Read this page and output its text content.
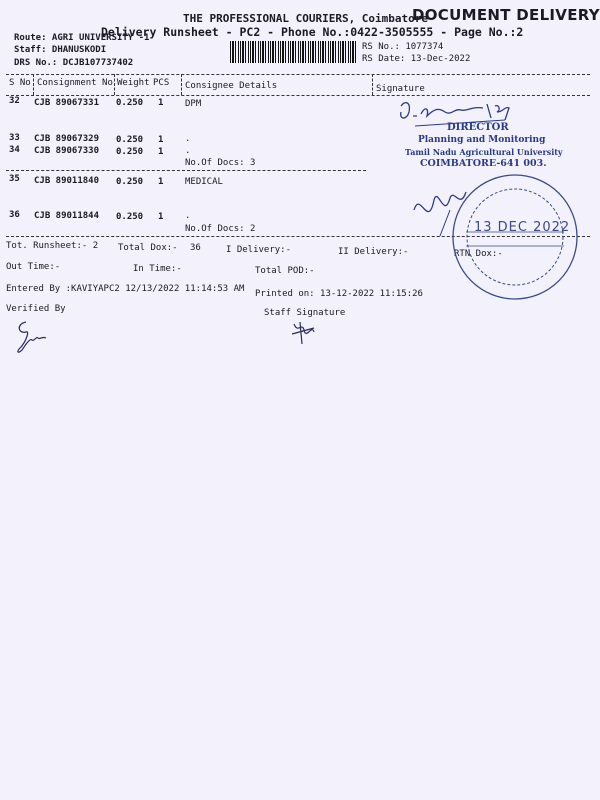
THE PROFESSIONAL COURIERS, Coimbatore
DOCUMENT DELIVERY
Delivery Runsheet - PC2 - Phone No.:0422-3505555 - Page No.:2
Route: AGRI UNIVERSITY -1
Staff: DHANUSKODI
DRS No.: DCJB107737402
RS No.: 1077374
RS Date: 13-Dec-2022
S No Consignment No Weight PCS Consignee Details	Signature
32 CJB 89067331 0.250 1 DPM
33 CJB 89067329 0.250 1 .
34 CJB 89067330 0.250 1 .
No.Of Docs: 3
35 CJB 89011840 0.250 1 MEDICAL
36 CJB 89011844 0.250 1 .
No.Of Docs: 2
Tot. Runsheet:- 2 Total Dox:- 36	I Delivery:-	II Delivery:-	RTN Dox:-
Out Time:-	In Time:-	Total POD:-
Entered By :KAVIYAPC2 12/13/2022 11:14:53 AM Printed on: 13-12-2022 11:15:26
Verified By	Staff Signature
DIRECTOR
Planning and Monitoring
Tamil Nadu Agricultural University
COIMBATORE-641 003.
13 DEC 2022
